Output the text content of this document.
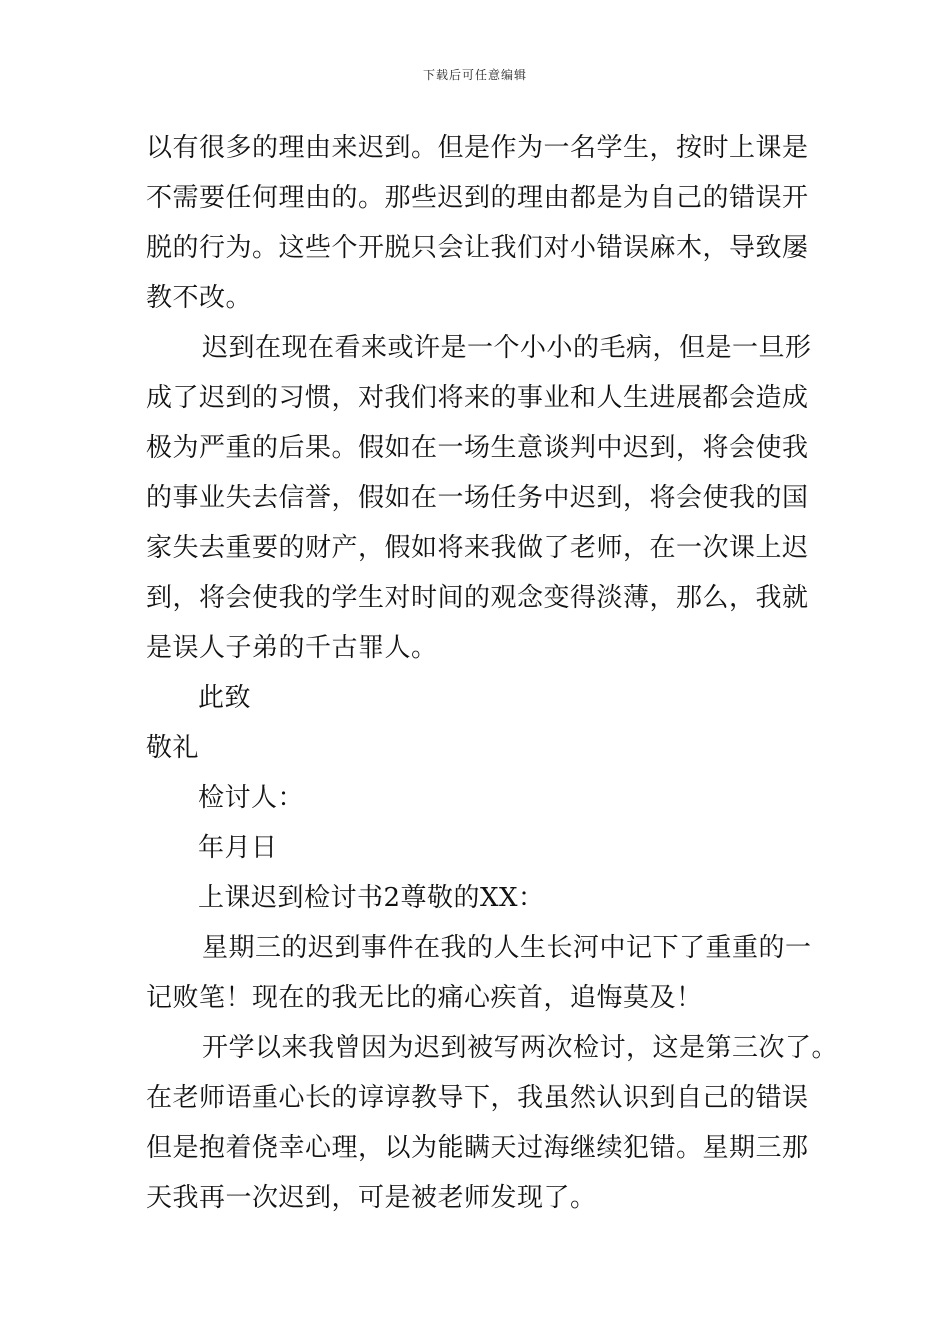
下载后可任意编辑
以有很多的理由来迟到。但是作为一名学生，按时上课是
不需要任何理由的。那些迟到的理由都是为自己的错误开
脱的行为。这些个开脱只会让我们对小错误麻木，导致屡
教不改。
迟到在现在看来或许是一个小小的毛病，但是一旦形
成了迟到的习惯，对我们将来的事业和人生进展都会造成
极为严重的后果。假如在一场生意谈判中迟到，将会使我
的事业失去信誉，假如在一场任务中迟到，将会使我的国
家失去重要的财产，假如将来我做了老师，在一次课上迟
到，将会使我的学生对时间的观念变得淡薄，那么，我就
是误人子弟的千古罪人。
此致
敬礼
检讨人：
年月日
上课迟到检讨书2尊敬的XX：
星期三的迟到事件在我的人生长河中记下了重重的一
记败笔！现在的我无比的痛心疾首，追悔莫及！
开学以来我曾因为迟到被写两次检讨，这是第三次了。
在老师语重心长的谆谆教导下，我虽然认识到自己的错误
但是抱着侥幸心理，以为能瞒天过海继续犯错。星期三那
天我再一次迟到，可是被老师发现了。
